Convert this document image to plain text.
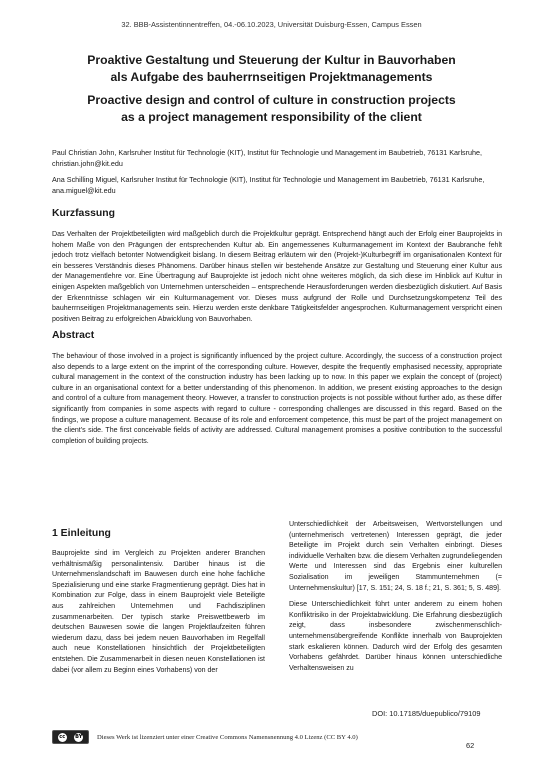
32. BBB-Assistentinnentreffen, 04.-06.10.2023, Universität Duisburg-Essen, Campus Essen

Proaktive Gestaltung und Steuerung der Kultur in Bauvorhaben
als Aufgabe des bauherrnseitigen Projektmanagements

Proactive design and control of culture in construction projects
as a project management responsibility of the client

Paul Christian John, Karlsruher Institut für Technologie (KIT), Institut für Technologie und Management im Baubetrieb, 76131 Karlsruhe, christian.john@kit.edu

Ana Schilling Miguel, Karlsruher Institut für Technologie (KIT), Institut für Technologie und Management im Baubetrieb, 76131 Karlsruhe, ana.miguel@kit.edu

Kurzfassung

Das Verhalten der Projektbeteiligten wird maßgeblich durch die Projektkultur geprägt. Entsprechend hängt auch der Erfolg einer Bauprojekts in hohem Maße von den Prägungen der entsprechenden Kultur ab. Ein angemessenes Kulturmanagement im Kontext der Baubranche fehlt jedoch trotz vielfach betonter Notwendigkeit bislang. In diesem Beitrag erläutern wir den (Projekt-)Kulturbegriff im organisationalen Kontext für ein besseres Verständnis dieses Phänomens. Darüber hinaus stellen wir bestehende Ansätze zur Gestaltung und Steuerung einer Kultur aus der Managementlehre vor. Eine Übertragung auf Bauprojekte ist jedoch nicht ohne weiteres möglich, da sich diese im Hinblick auf Kultur in einigen Aspekten maßgeblich von Unternehmen unterscheiden – entsprechende Herausforderungen werden diesbezüglich diskutiert. Auf Basis der Erkenntnisse schlagen wir ein Kulturmanagement vor. Dieses muss aufgrund der Rolle und Durchsetzungskompetenz Teil des bauherrnseitigen Projektmanagements sein. Hierzu werden erste denkbare Tätigkeitsfelder angesprochen. Kulturmanagement verspricht einen positiven Beitrag zu erfolgreichen Abwicklung von Bauvorhaben.

Abstract

The behaviour of those involved in a project is significantly influenced by the project culture. Accordingly, the success of a construction project also depends to a large extent on the imprint of the corresponding culture. However, despite the frequently emphasised necessity, appropriate cultural management in the context of the construction industry has been lacking up to now. In this paper we explain the concept of (project) culture in an organisational context for a better understanding of this phenomenon. In addition, we present existing approaches to the design and control of a culture from management theory. However, a transfer to construction projects is not possible without further ado, as these differ significantly from companies in some aspects with regard to culture - corresponding challenges are discussed in this regard. Based on the findings, we propose a culture management. Because of its role and enforcement competence, this must be part of the project management on the client's side. The first conceivable fields of activity are addressed. Cultural management promises a positive contribution to the successful completion of building projects.

1 Einleitung

Bauprojekte sind im Vergleich zu Projekten anderer Branchen verhältnismäßig personalintensiv. Darüber hinaus ist die Unternehmenslandschaft im Bauwesen durch eine hohe fachliche Spezialisierung und eine starke Fragmentierung geprägt. Dies hat in Kombination zur Folge, dass in einem Bauprojekt viele Beteiligte aus zahlreichen Unternehmen und Fachdisziplinen zusammenarbeiten. Der typisch starke Preiswettbewerb im deutschen Bauwesen sowie die langen Projektlaufzeiten führen wiederum dazu, dass bei jedem neuen Bauvorhaben im Regelfall auch neue Konstellationen hinsichtlich der Projektbeteiligten entstehen. Die Zusammenarbeit in diesen neuen Konstellationen ist dabei (vor allem zu Beginn eines Vorhabens) von der

Unterschiedlichkeit der Arbeitsweisen, Wertvorstellungen und (unternehmerisch vertretenen) Interessen geprägt, die jeder Beteiligte im Projekt durch sein Verhalten einbringt. Dieses individuelle Verhalten bzw. die diesem Verhalten zugrundeliegenden Werte und Interessen sind das Ergebnis einer kulturellen Sozialisation im jeweiligen Stammunternehmen (= Unternehmenskultur) [17, S. 151; 24, S. 18 f.; 21, S. 361; 5, S. 489].

Diese Unterschiedlichkeit führt unter anderem zu einem hohen Konfliktrisiko in der Projektabwicklung. Die Erfahrung diesbezüglich zeigt, dass insbesondere zwischenmenschlich-unternehmensübergreifende Konflikte innerhalb von Bauprojekten stark eskalieren können. Dadurch wird der Erfolg des gesamten Vorhabens gefährdet. Darüber hinaus können unterschiedliche Verhaltensweisen zu

DOI: 10.17185/duepublico/79109
cc	BY Dieses Werk ist lizenziert unter einer Creative Commons Namensnennung 4.0 Lizenz (CC BY 4.0)
62
